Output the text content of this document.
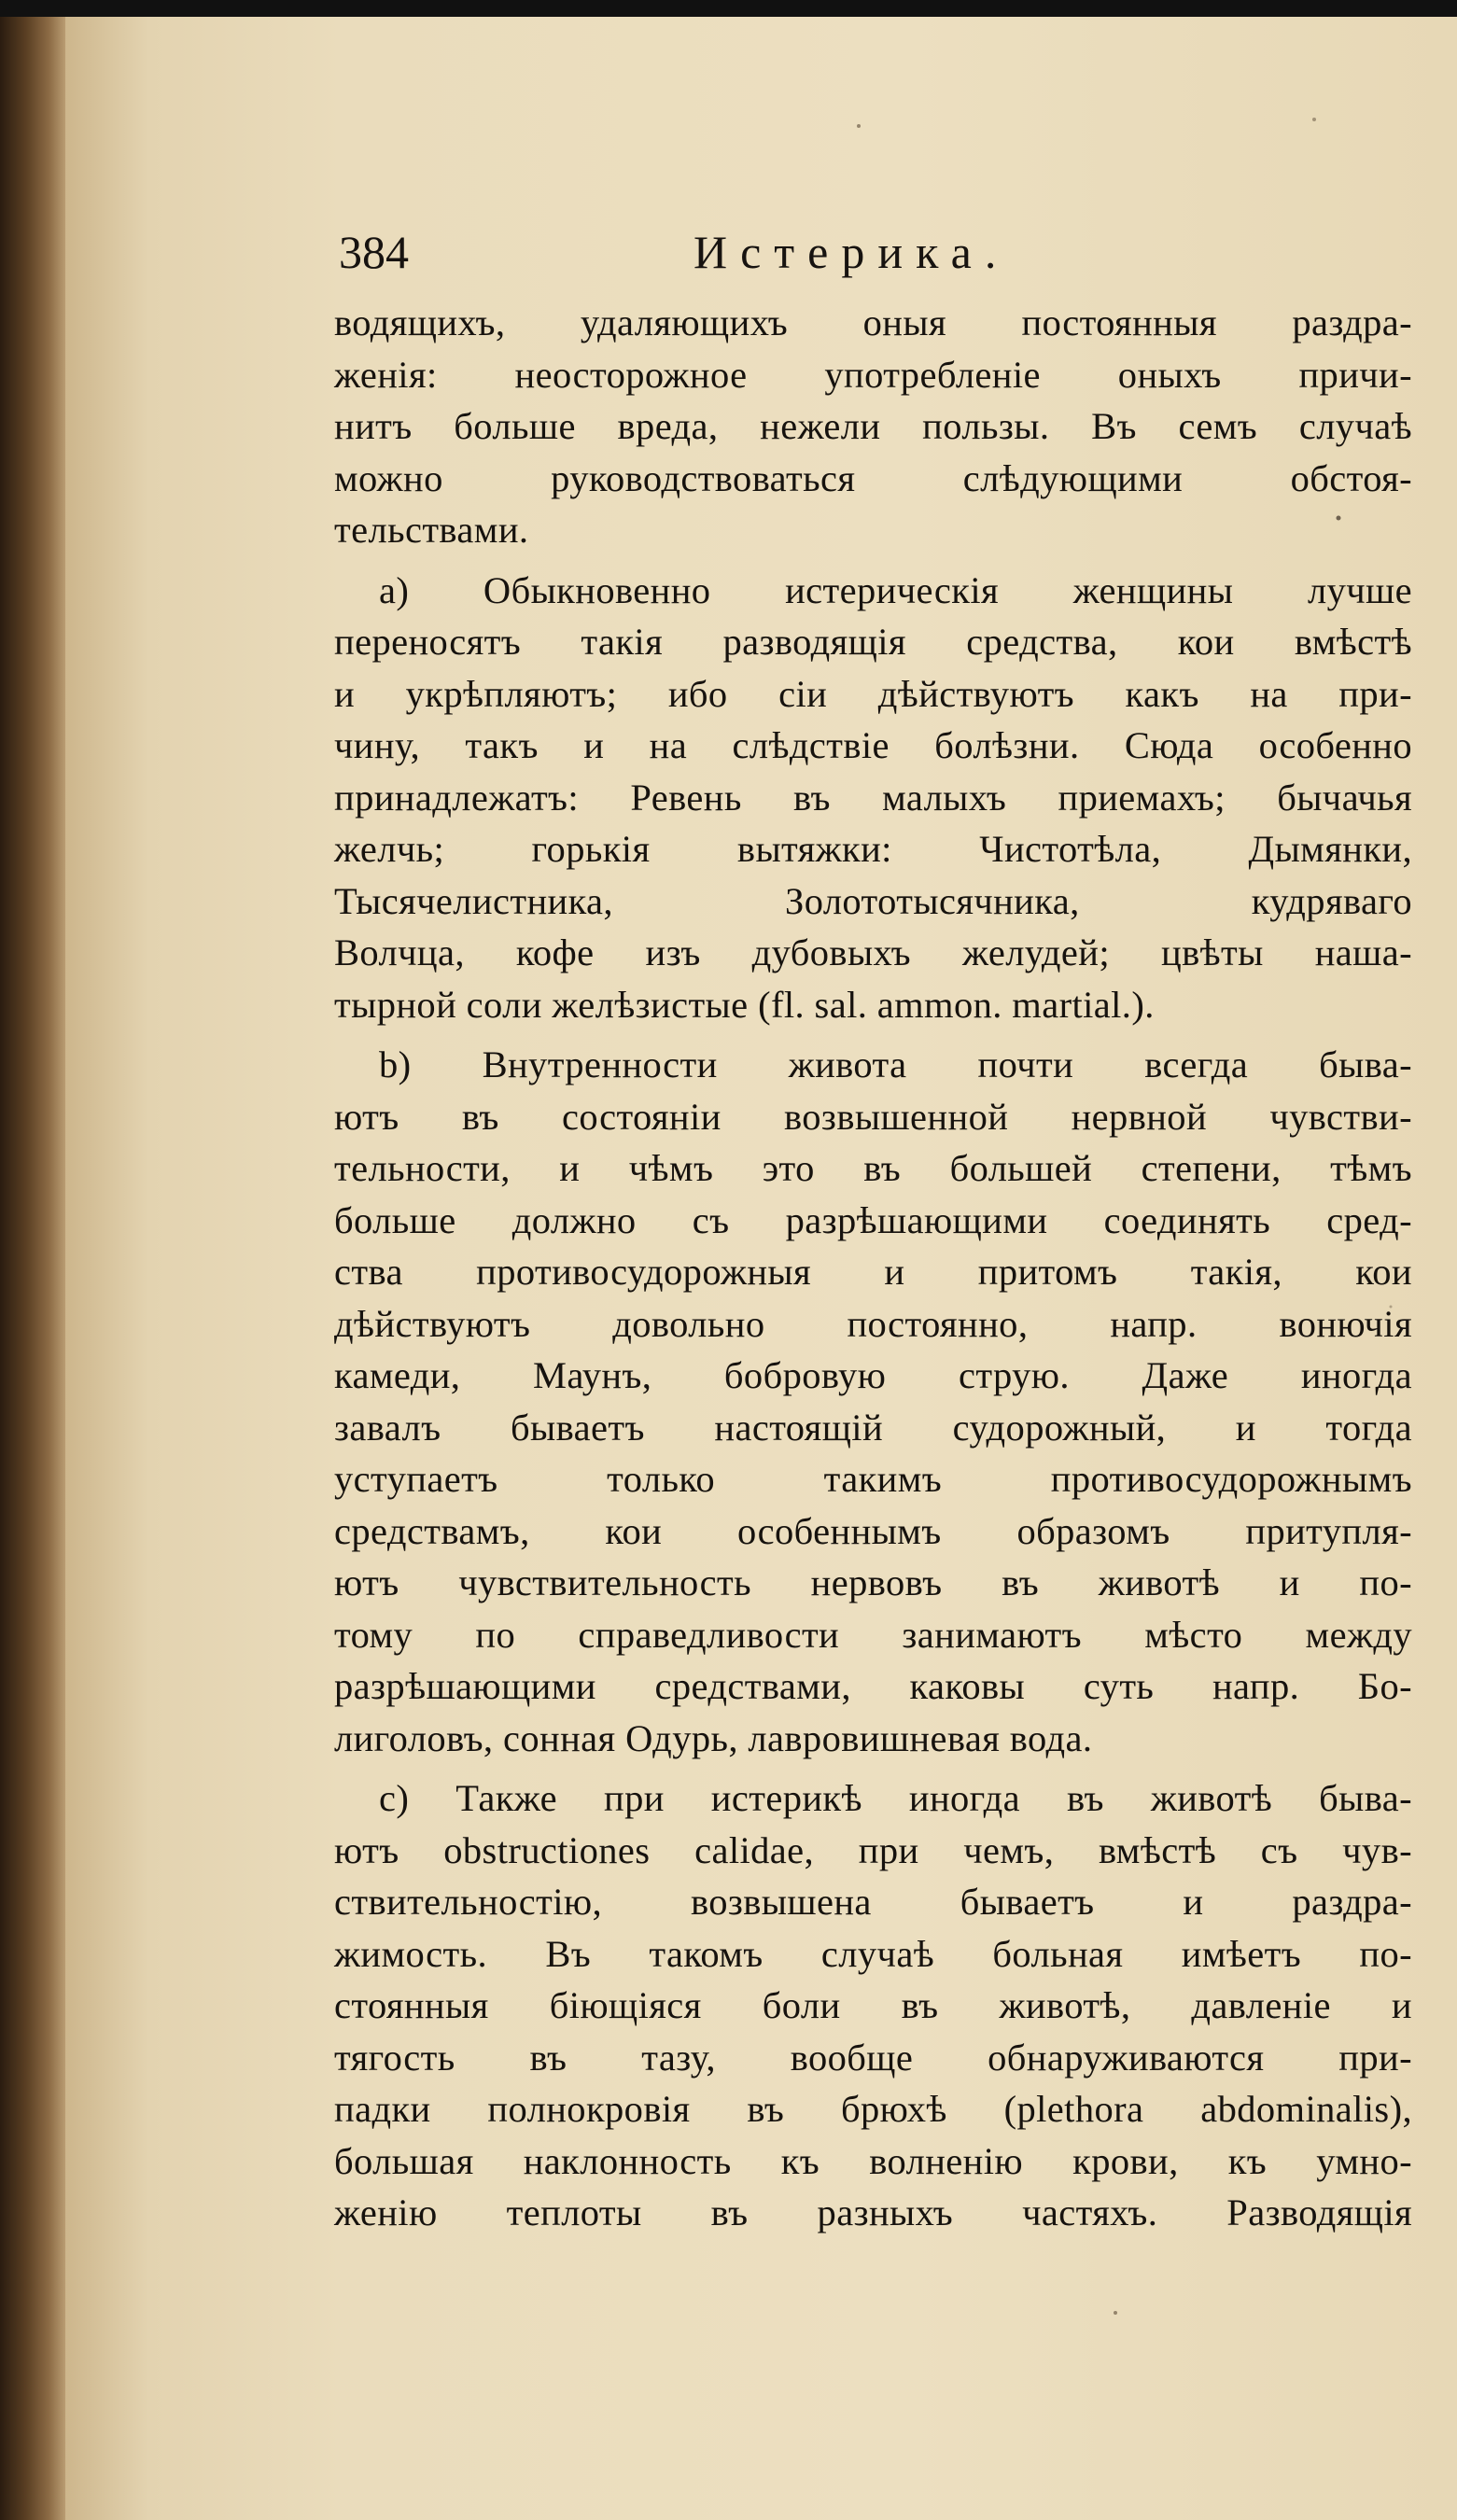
384	Истерика.
водящихъ, удаляющихъ оныя постоянныя раздра-
женія: неосторожное употребленіе оныхъ причи-
нитъ больше вреда, нежели пользы. Въ семъ случаѣ
можно руководствоваться слѣдующими обстоя-
тельствами.
а) Обыкновенно истерическія женщины лучше
переносятъ такія разводящія средства, кои вмѣстѣ
и укрѣпляютъ; ибо сіи дѣйствуютъ какъ на при-
чину, такъ и на слѣдствіе болѣзни. Сюда особенно
принадлежатъ: Ревень въ малыхъ приемахъ; бычачья
желчь; горькія вытяжки: Чистотѣла, Дымянки,
Тысячелистника, Золототысячника, кудряваго
Волчца, кофе изъ дубовыхъ желудей; цвѣты наша-
тырной соли желѣзистые (fl. sal. ammon. martial.).
b) Внутренности живота почти всегда быва-
ютъ въ состояніи возвышенной нервной чувстви-
тельности, и чѣмъ это въ большей степени, тѣмъ
больше должно съ разрѣшающими соединять сред-
ства противосудорожныя и притомъ такія, кои
дѣйствуютъ довольно постоянно, напр. вонючія
камеди, Маунъ, бобровую струю. Даже иногда
завалъ бываетъ настоящій судорожный, и тогда
уступаетъ только такимъ противосудорожнымъ
средствамъ, кои особеннымъ образомъ притупля-
ютъ чувствительность нервовъ въ животѣ и по-
тому по справедливости занимаютъ мѣсто между
разрѣшающими средствами, каковы суть напр. Бо-
лиголовъ, сонная Одурь, лавровишневая вода.
с) Также при истерикѣ иногда въ животѣ быва-
ютъ obstructiones calidae, при чемъ, вмѣстѣ съ чув-
ствительностію, возвышена бываетъ и раздра-
жимость. Въ такомъ случаѣ больная имѣетъ по-
стоянныя біющіяся боли въ животѣ, давленіе и
тягость въ тазу, вообще обнаруживаются при-
падки полнокровія въ брюхѣ (plethora abdominalis),
большая наклонность къ волненію крови, къ умно-
женію теплоты въ разныхъ частяхъ. Разводящія
